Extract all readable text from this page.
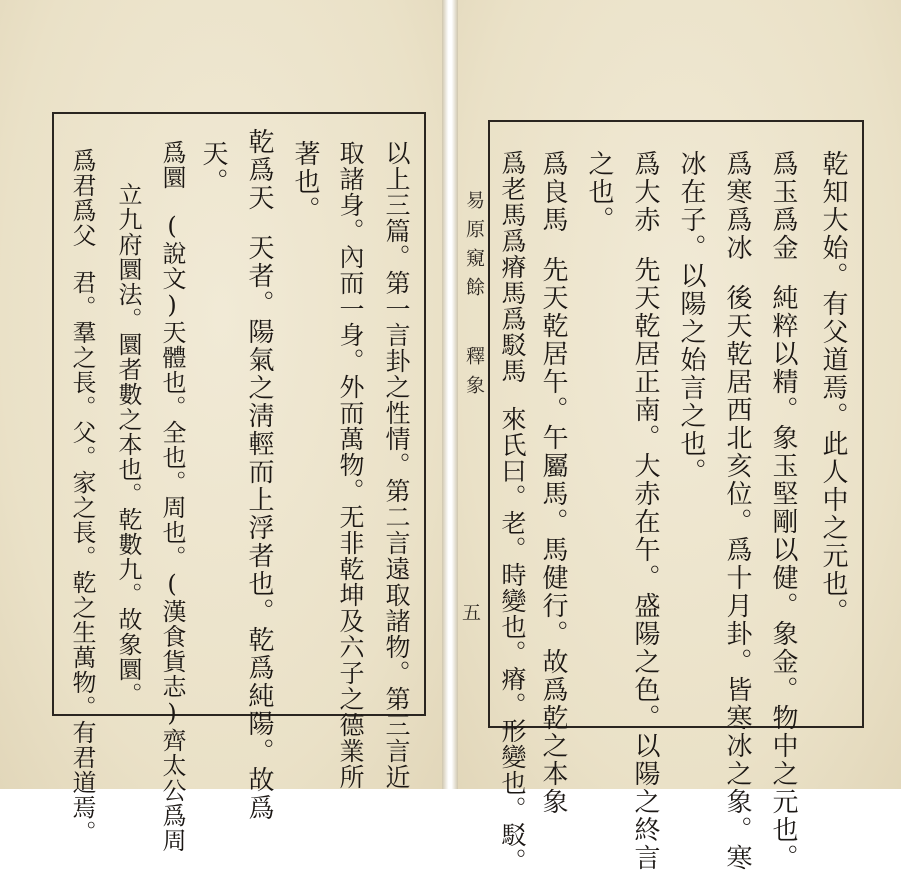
乾知大始。有父道焉。此人中之元也。
爲玉爲金純粹以精。象玉堅剛以健。象金。物中之元也。
爲寒爲冰後天乾居西北亥位。爲十月卦。皆寒冰之象。寒
冰在子。以陽之始言之也。
爲大赤先天乾居正南。大赤在午。盛陽之色。以陽之終言
之也。
爲良馬先天乾居午。午屬馬。馬健行。故爲乾之本象
爲老馬爲瘠馬爲駁馬來氏曰。老。時變也。瘠。形變也。駁。
易原窺餘釋象
五
以上三篇。第一言卦之性情。第二言遠取諸物。第三言近
取諸身。內而一身。外而萬物。无非乾坤及六子之德業所
著也。
乾爲天天者。陽氣之淸輕而上浮者也。乾爲純陽。故爲
天。
爲圜(說文)天體也。全也。周也。(漢食貨志)齊太公爲周
立九府圜法。圜者數之本也。乾數九。故象圜。
爲君爲父君。羣之長。父。家之長。乾之生萬物。有君道焉。
